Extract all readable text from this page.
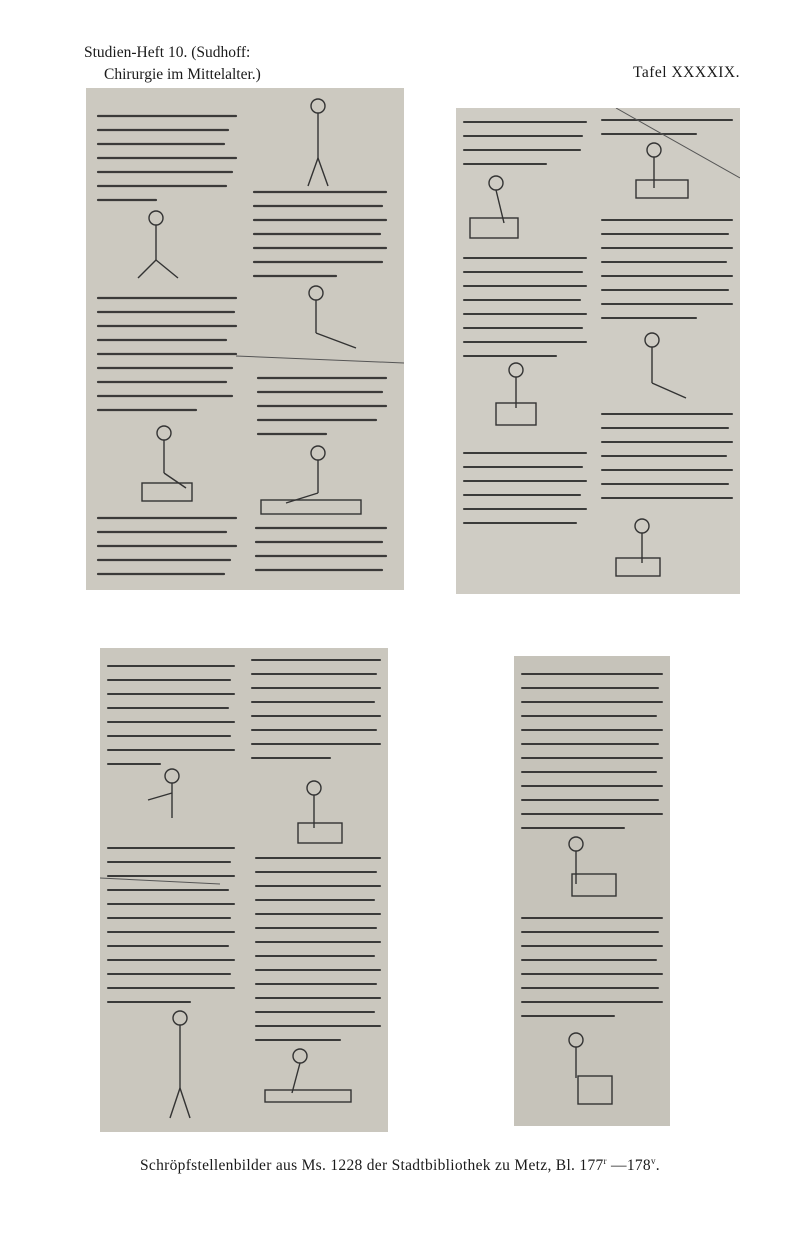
Studien-Heft 10. (Sudhoff:
Chirurgie im Mittelalter.)	Tafel XXXXIX.
Schröpfstellenbilder aus Ms. 1228 der Stadtbibliothek zu Metz, Bl. 177$^r$ —178$^v$.
